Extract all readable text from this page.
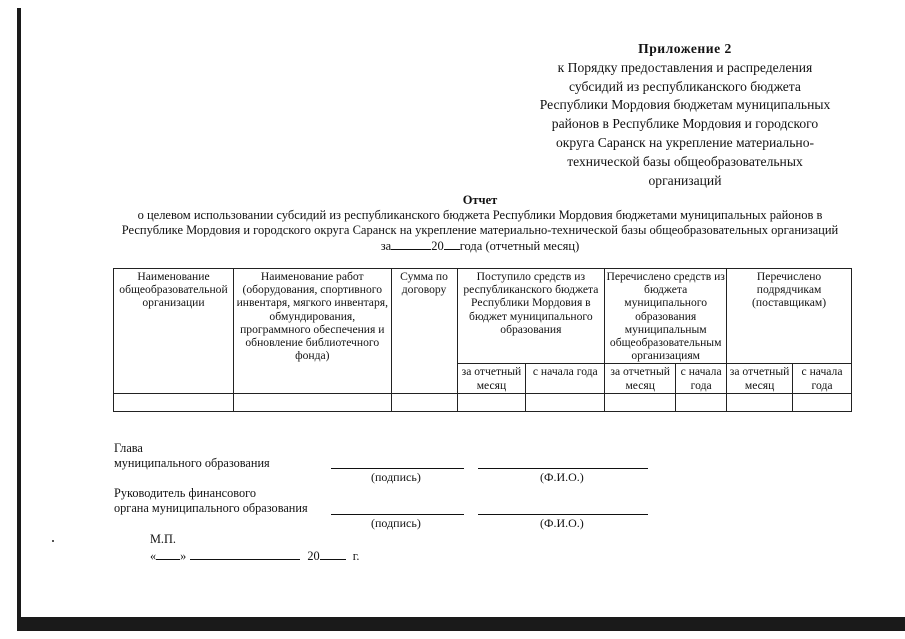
Приложение 2
к Порядку предоставления и распределения
субсидий из республиканского бюджета
Республики Мордовия бюджетам муниципальных
районов в Республике Мордовия и городского
округа Саранск на укрепление материально-
технической базы общеобразовательных
организаций
Отчет
о целевом использовании субсидий из республиканского бюджета Республики Мордовия бюджетами муниципальных районов в
Республике Мордовия и городского округа Саранск на укрепление материально-технической базы общеобразовательных организаций
за	20 года (отчетный месяц)
Наименование общеобразовательной организации	Наименование работ (оборудования, спортивного инвентаря, мягкого инвентаря, обмундирования, программного обеспечения и обновление библиотечного фонда)	Сумма по договору	Поступило средств из республиканского бюджета Республики Мордовия в бюджет муниципального образования		Перечислено средств из бюджета муниципального образования муниципальным общеобразовательным организациям		Перечислено подрядчикам (поставщикам)	
			за отчетный месяц	с начала года	за отчетный месяц	с начала года	за отчетный месяц	с начала года

Глава
муниципального образования
(подпись)	(Ф.И.О.)
Руководитель финансового
органа муниципального образования
(подпись)	(Ф.И.О.)
М.П.
« »	20	г.
